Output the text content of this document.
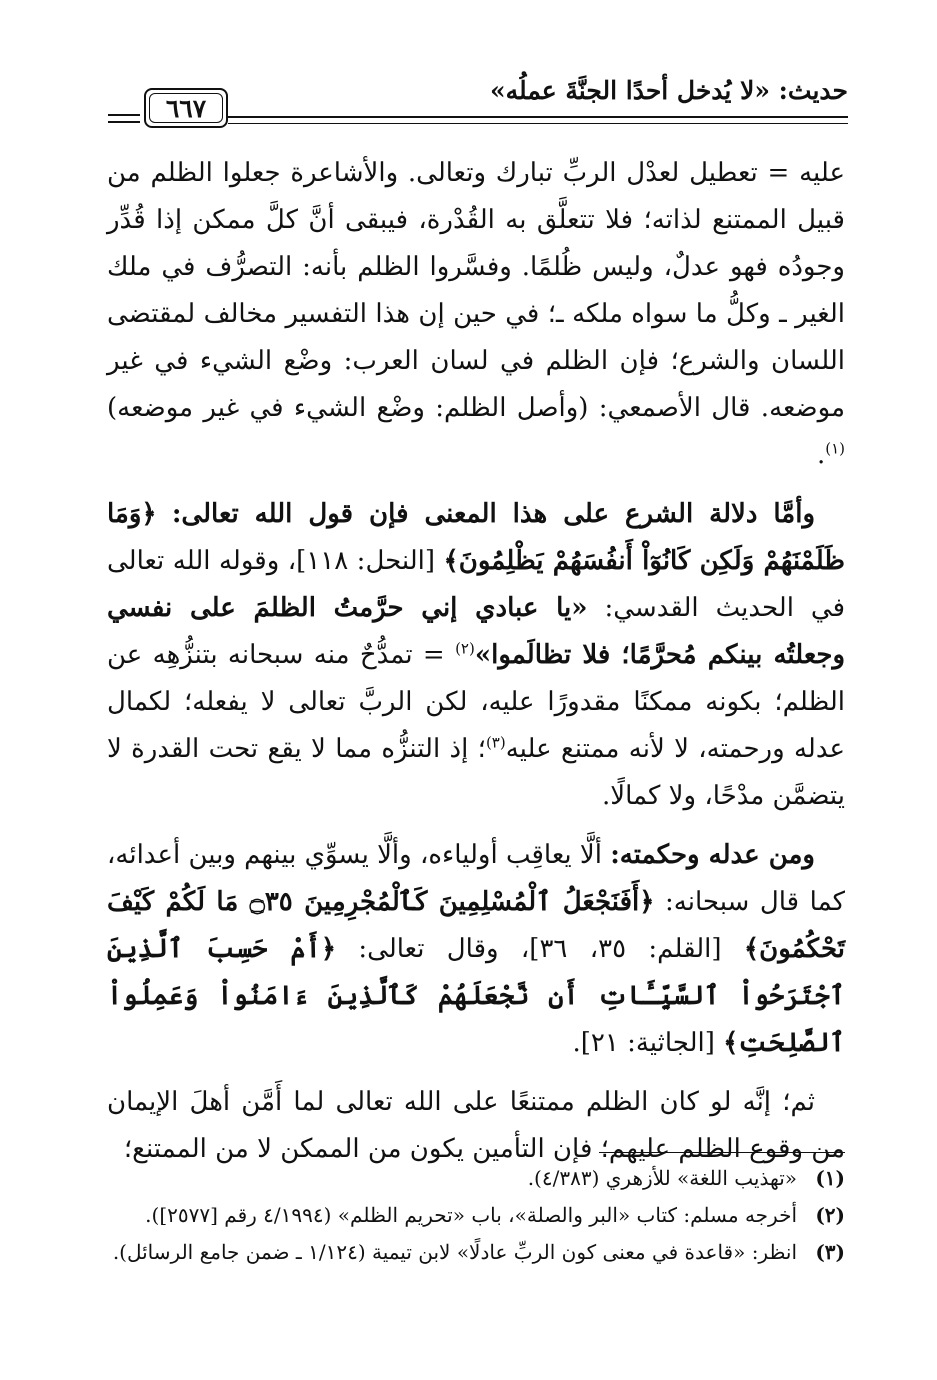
حديث: «لا يُدخل أحدًا الجنَّةَ عملُه»
٦٦٧

عليه = تعطيل لعدْل الربِّ تبارك وتعالى. والأشاعرة جعلوا الظلم من قبيل الممتنع لذاته؛ فلا تتعلَّق به القُدْرة، فيبقى أنَّ كلَّ ممكن إذا قُدِّر وجودُه فهو عدلٌ، وليس ظُلمًا. وفسَّروا الظلم بأنه: التصرُّف في ملك الغير ـ وكلُّ ما سواه ملكه ـ؛ في حين إن هذا التفسير مخالف لمقتضى اللسان والشرع؛ فإن الظلم في لسان العرب: وضْع الشيء في غير موضعه. قال الأصمعي: (وأصل الظلم: وضْع الشيء في غير موضعه)$^{(١)}$.

وأمَّا دلالة الشرع على هذا المعنى فإن قول الله تعالى: ﴿وَمَا ظَلَمْنَهُمْ وَلَكِن كَانُوٓاْ أَنفُسَهُمْ يَظْلِمُونَ﴾ [النحل: ١١٨]، وقوله الله تعالى في الحديث القدسي: «يا عبادي إني حرَّمتُ الظلمَ على نفسي وجعلتُه بينكم مُحرَّمًا؛ فلا تظالَموا»$^{(٢)}$ = تمدُّحٌ منه سبحانه بتنزُّهِه عن الظلم؛ بكونه ممكنًا مقدورًا عليه، لكن الربَّ تعالى لا يفعله؛ لكمال عدله ورحمته، لا لأنه ممتنع عليه$^{(٣)}$؛ إذ التنزُّه مما لا يقع تحت القدرة لا يتضمَّن مدْحًا، ولا كمالًا.

ومن عدله وحكمته: ألَّا يعاقِب أولياءه، وألَّا يسوِّي بينهم وبين أعدائه، كما قال سبحانه: ﴿أَفَنَجْعَلُ ٱلْمُسْلِمِينَ كَٱلْمُجْرِمِينَ ۝٣٥ مَا لَكُمْ كَيْفَ تَحْكُمُونَ﴾ [القلم: ٣٥، ٣٦]، وقال تعالى: ﴿أَمْ حَسِبَ ٱلَّذِينَ ٱجْتَرَحُواْ ٱلسَّيِّـَٔاتِ أَن نَّجْعَلَهُمْ كَٱلَّذِينَ ءَامَنُواْ وَعَمِلُواْ ٱلصَّلِحَتِ﴾ [الجاثية: ٢١].

ثم؛ إنَّه لو كان الظلم ممتنعًا على الله تعالى لما أَمَّن أهلَ الإيمان من وقوع الظلم عليهم؛ فإن التأمين يكون من الممكن لا من الممتنع؛

(١)
«تهذيب اللغة» للأزهري (٤/٣٨٣).
(٢)
أخرجه مسلم: كتاب «البر والصلة»، باب «تحريم الظلم» (٤/١٩٩٤ رقم [٢٥٧٧]).
(٣)
انظر: «قاعدة في معنى كون الربِّ عادلًا» لابن تيمية (١/١٢٤ ـ ضمن جامع الرسائل).
